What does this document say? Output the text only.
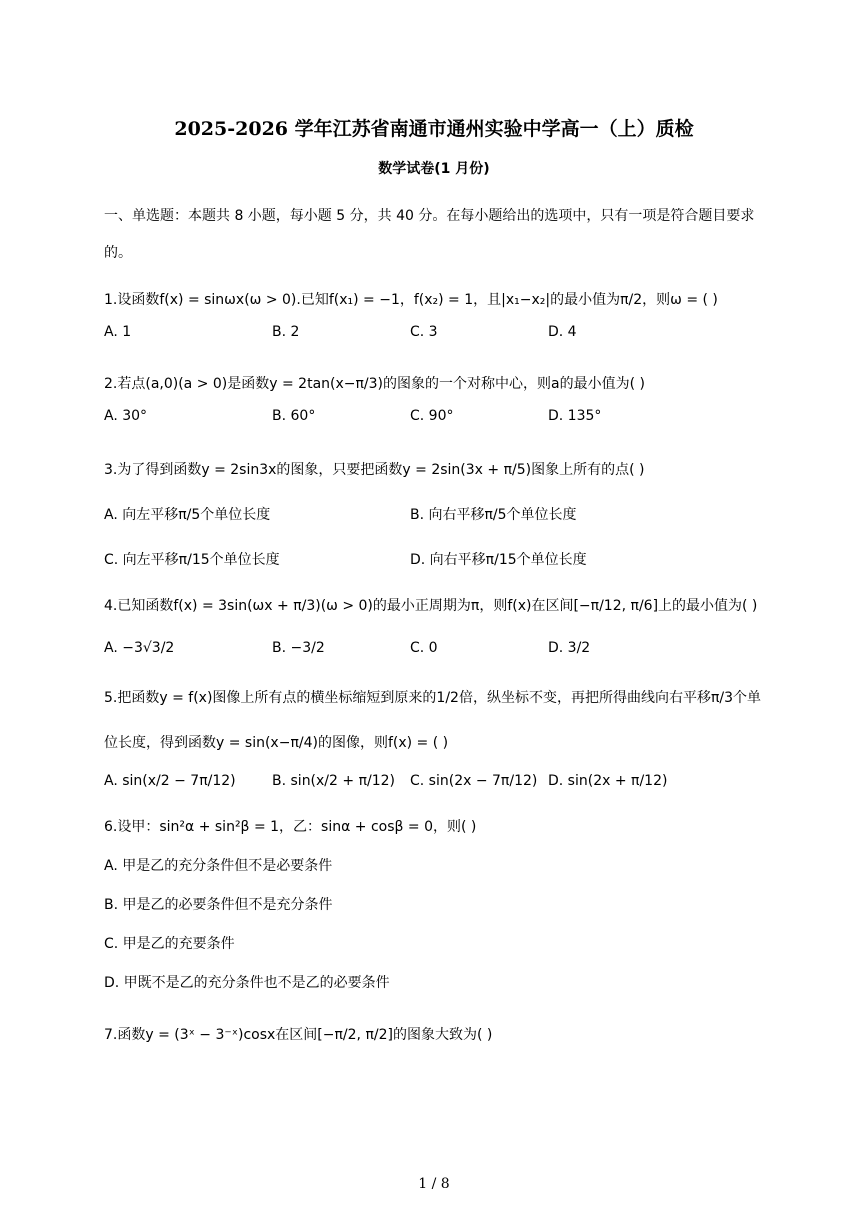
2025-2026 学年江苏省南通市通州实验中学高一（上）质检
数学试卷(1 月份)
一、单选题：本题共 8 小题，每小题 5 分，共 40 分。在每小题给出的选项中，只有一项是符合题目要求的。
1.设函数f(x) = sinωx(ω > 0).已知f(x₁) = −1，f(x₂) = 1，且|x₁−x₂|的最小值为π/2，则ω = ( )
A. 1	B. 2	C. 3	D. 4
2.若点(a,0)(a > 0)是函数y = 2tan(x−π/3)的图象的一个对称中心，则a的最小值为( )
A. 30°	B. 60°	C. 90°	D. 135°
3.为了得到函数y = 2sin3x的图象，只要把函数y = 2sin(3x + π/5)图象上所有的点( )
A. 向左平移π/5个单位长度	B. 向右平移π/5个单位长度
C. 向左平移π/15个单位长度	D. 向右平移π/15个单位长度
4.已知函数f(x) = 3sin(ωx + π/3)(ω > 0)的最小正周期为π，则f(x)在区间[−π/12, π/6]上的最小值为( )
A. −3√3/2	B. −3/2	C. 0	D. 3/2
5.把函数y = f(x)图像上所有点的横坐标缩短到原来的1/2倍，纵坐标不变，再把所得曲线向右平移π/3个单
位长度，得到函数y = sin(x−π/4)的图像，则f(x) = ( )
A. sin(x/2 − 7π/12)	B. sin(x/2 + π/12) C. sin(2x − 7π/12) D. sin(2x + π/12)
6.设甲：sin²α + sin²β = 1，乙：sinα + cosβ = 0，则( )
A. 甲是乙的充分条件但不是必要条件
B. 甲是乙的必要条件但不是充分条件
C. 甲是乙的充要条件
D. 甲既不是乙的充分条件也不是乙的必要条件
7.函数y = (3ˣ − 3⁻ˣ)cosx在区间[−π/2, π/2]的图象大致为( )
1 / 8
